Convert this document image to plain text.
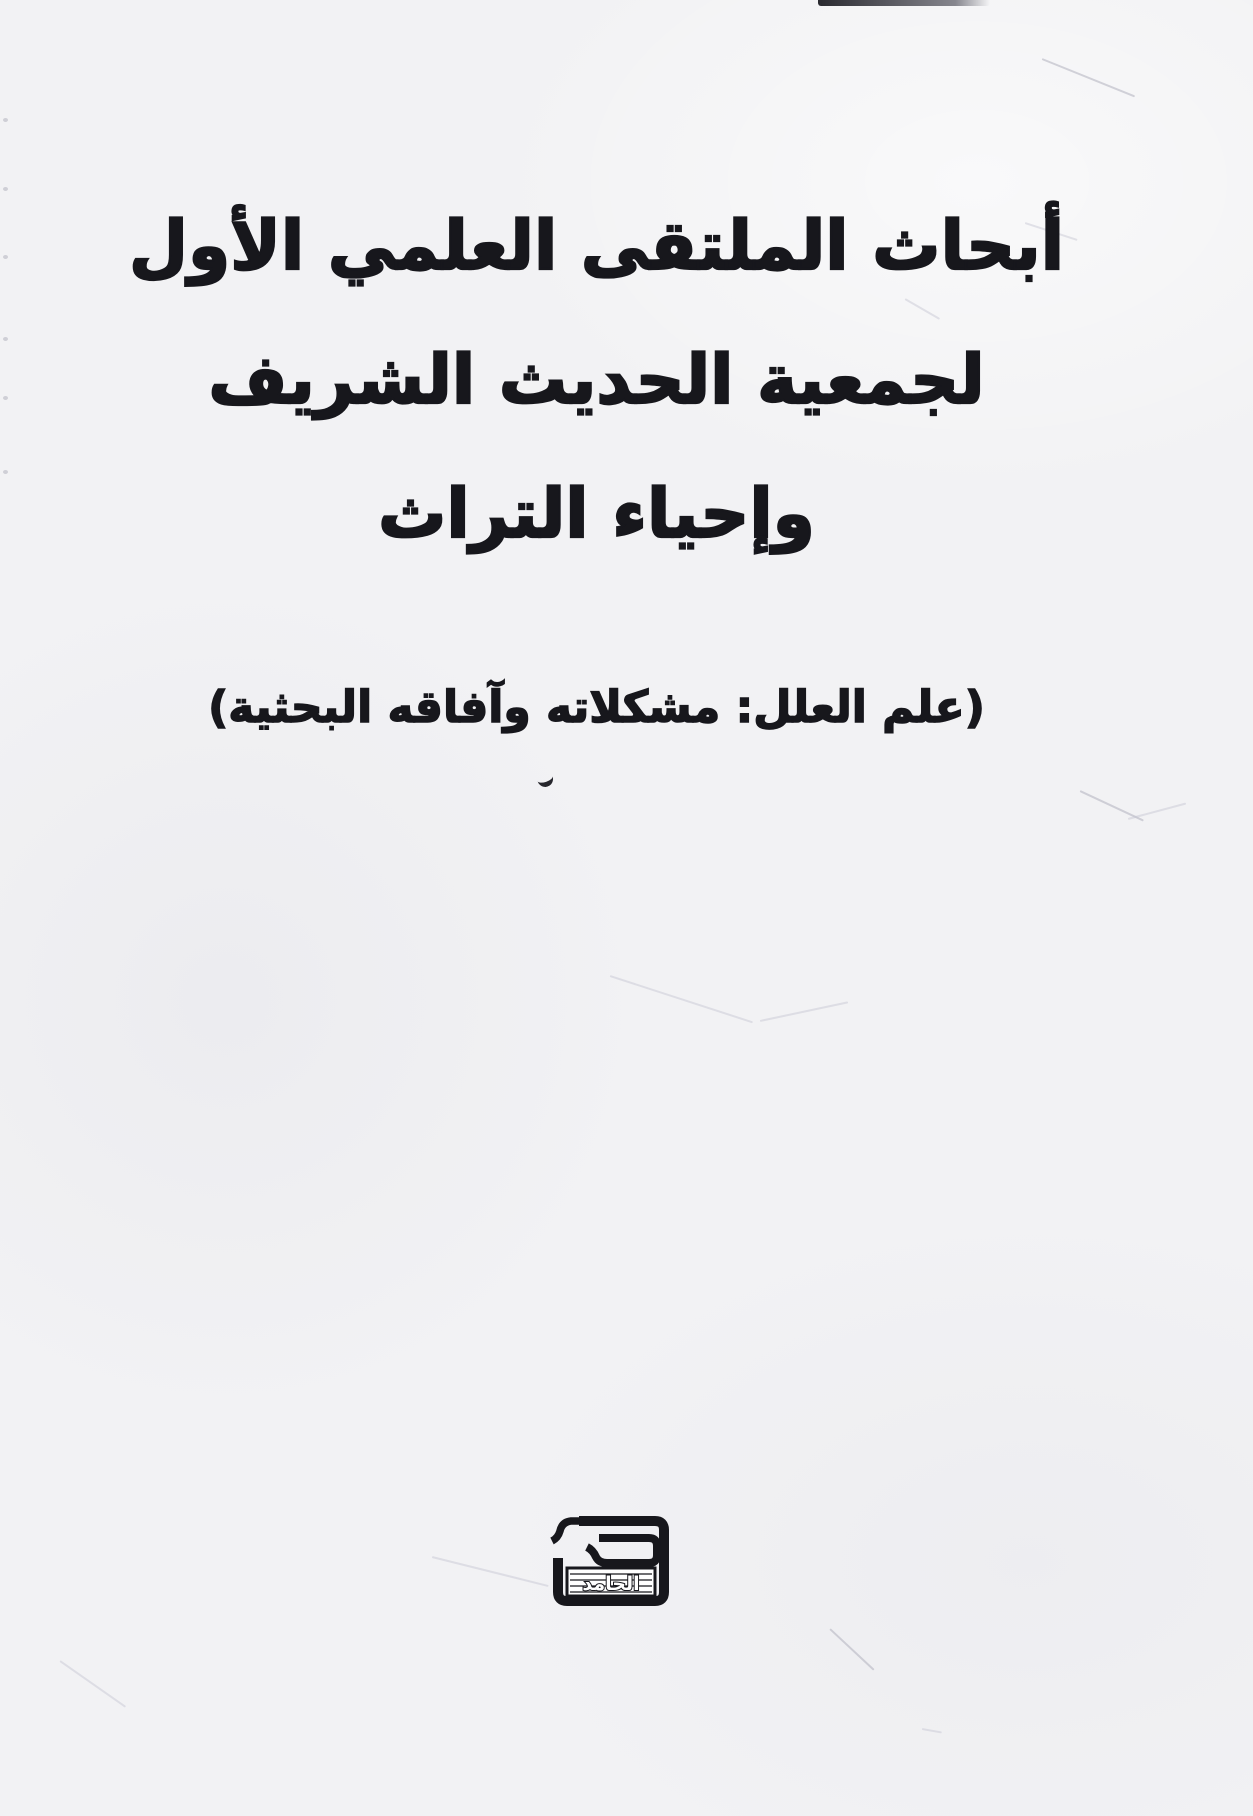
أبحاث الملتقى العلمي الأول
لجمعية الحديث الشريف
وإحياء التراث
(علم العلل: مشكلاته وآفاقه البحثية)
الحامد
